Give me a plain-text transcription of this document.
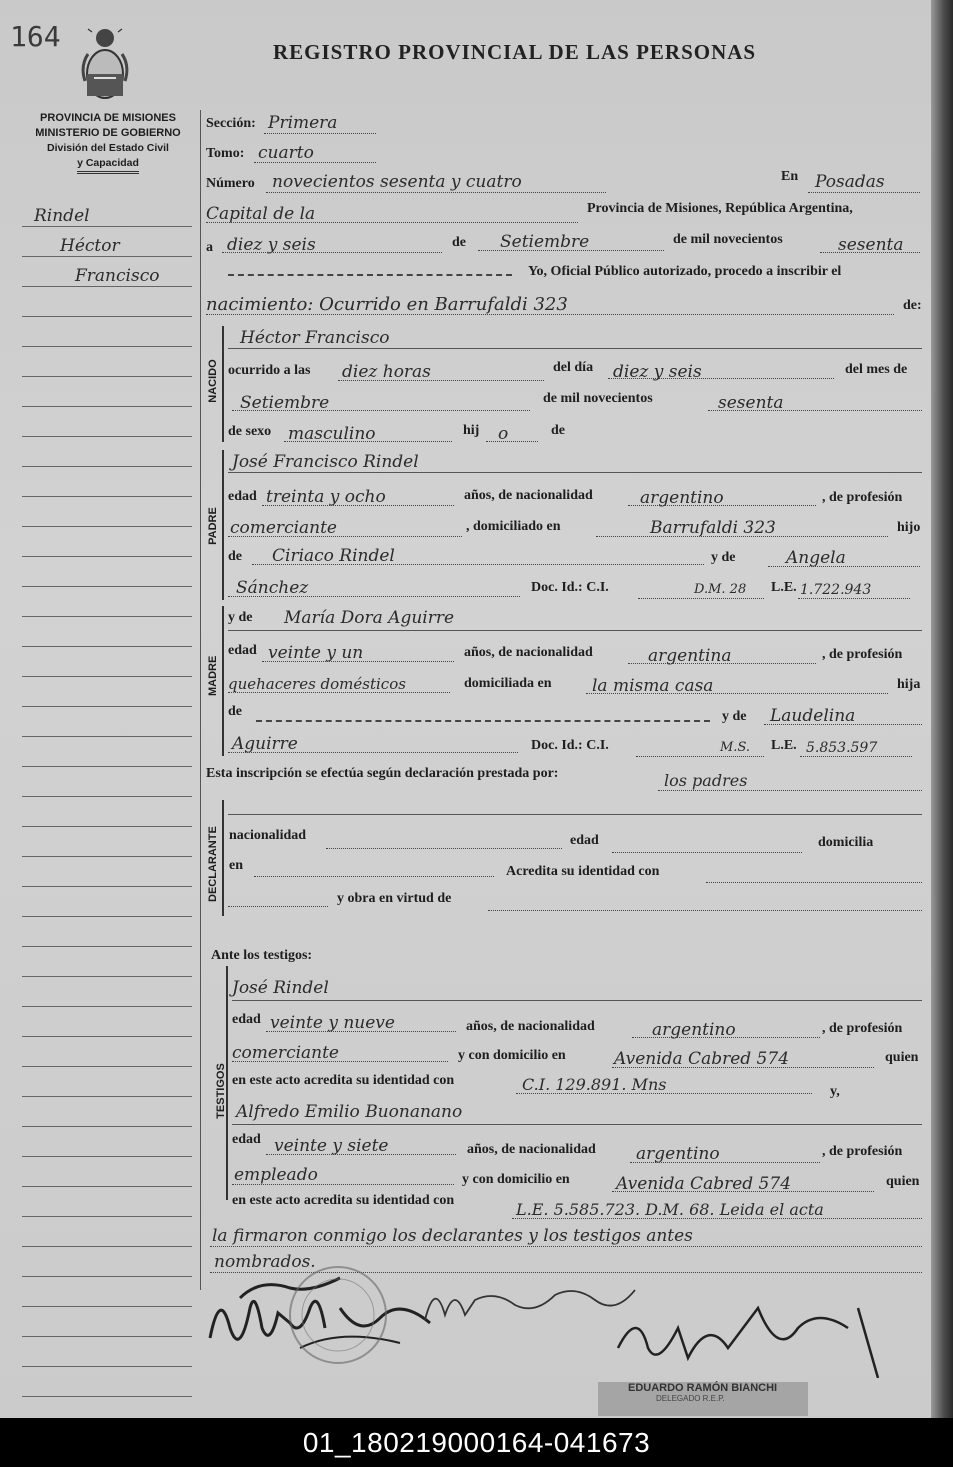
164	REGISTRO PROVINCIAL DE LAS PERSONAS
PROVINCIA DE MISIONES
MINISTERIO DE GOBIERNO
División del Estado Civil
y Capacidad
Rindel
Héctor
Francisco
Sección: Primera
Tomo: cuarto
Número novecientos sesenta y cuatro	En Posadas
Capital de la	Provincia de Misiones, República Argentina,
a diez y seis	de Setiembre	de mil novecientos	sesenta
Yo, Oficial Público autorizado, procedo a inscribir el
nacimiento: Ocurrido en Barrufaldi 323	de:
NACIDO
Héctor Francisco
ocurrido a las diez horas	del día diez y seis	del mes de
Setiembre	de mil novecientos	sesenta
de sexo masculino	hij o	de
PADRE
José Francisco Rindel
edad treinta y ocho	años, de nacionalidad	argentino	, de profesión
comerciante	, domiciliado en	Barrufaldi 323	hijo
de Ciriaco Rindel	y de	Angela
Sánchez	Doc. Id.: C.I.	D.M. 28 L.E. 1.722.943
MADRE
y de María Dora Aguirre
edad veinte y un	años, de nacionalidad	argentina	, de profesión
quehaceres domésticos	domiciliada en la misma casa	hija
de	y de Laudelina
Aguirre	Doc. Id.: C.I.	M.S. L.E. 5.853.597
Esta inscripción se efectúa según declaración prestada por:	los padres
DECLARANTE nacionalidad	edad	domicilia
en	Acredita su identidad con
y obra en virtud de
Ante los testigos:
TESTIGOS
José Rindel
edad veinte y nueve	años, de nacionalidad	argentino	, de profesión
comerciante	y con domicilio en	Avenida Cabred 574	quien
en este acto acredita su identidad con	C.I. 129.891. Mns	y,
Alfredo Emilio Buonanano
edad veinte y siete	años, de nacionalidad argentino	, de profesión
empleado	y con domicilio en	Avenida Cabred 574	quien
en este acto acredita su identidad con	L.E. 5.585.723. D.M. 68. Leida el acta
la firmaron conmigo los declarantes y los testigos antes
nombrados.
EDUARDO RAMÓN BIANCHI
DELEGADO R.E.P.
01_180219000164-041673
